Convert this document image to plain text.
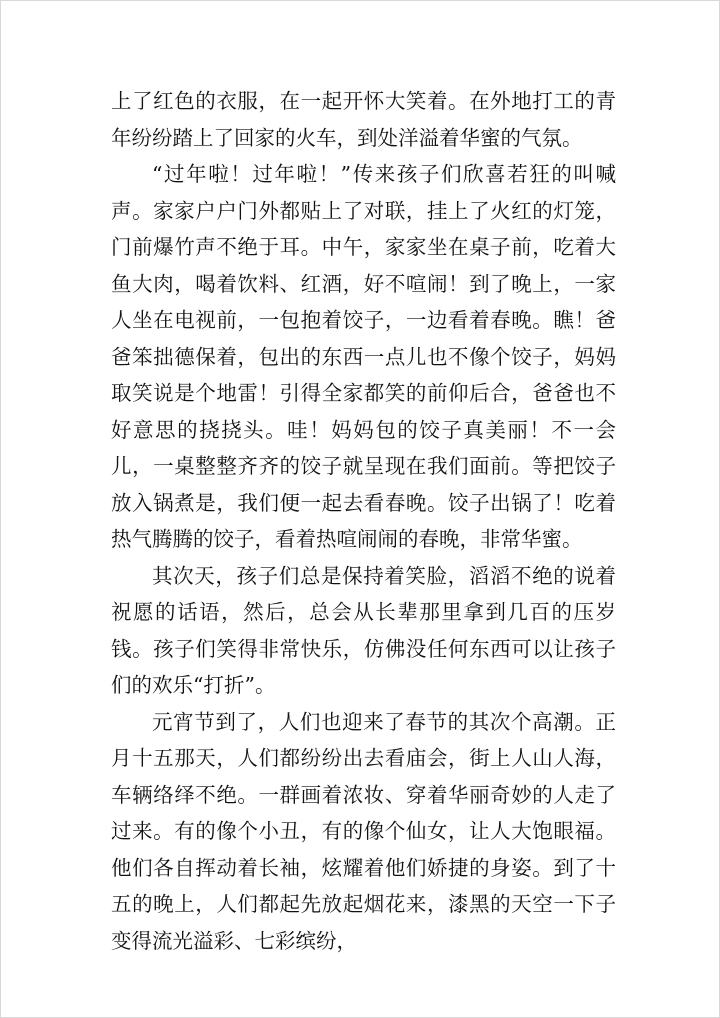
上了红色的衣服，在一起开怀大笑着。在外地打工的青年纷纷踏上了回家的火车，到处洋溢着华蜜的气氛。

“过年啦！过年啦！”传来孩子们欣喜若狂的叫喊声。家家户户门外都贴上了对联，挂上了火红的灯笼，门前爆竹声不绝于耳。中午，家家坐在桌子前，吃着大鱼大肉，喝着饮料、红酒，好不喧闹！到了晚上，一家人坐在电视前，一包抱着饺子，一边看着春晚。瞧！爸爸笨拙德保着，包出的东西一点儿也不像个饺子，妈妈取笑说是个地雷！引得全家都笑的前仰后合，爸爸也不好意思的挠挠头。哇！妈妈包的饺子真美丽！不一会儿，一桌整整齐齐的饺子就呈现在我们面前。等把饺子放入锅煮是，我们便一起去看春晚。饺子出锅了！吃着热气腾腾的饺子，看着热喧闹闹的春晚，非常华蜜。

其次天，孩子们总是保持着笑脸，滔滔不绝的说着祝愿的话语，然后，总会从长辈那里拿到几百的压岁钱。孩子们笑得非常快乐，仿佛没任何东西可以让孩子们的欢乐“打折”。

元宵节到了，人们也迎来了春节的其次个高潮。正月十五那天，人们都纷纷出去看庙会，街上人山人海，车辆络绎不绝。一群画着浓妆、穿着华丽奇妙的人走了过来。有的像个小丑，有的像个仙女，让人大饱眼福。他们各自挥动着长袖，炫耀着他们娇捷的身姿。到了十五的晚上，人们都起先放起烟花来，漆黑的天空一下子变得流光溢彩、七彩缤纷，
